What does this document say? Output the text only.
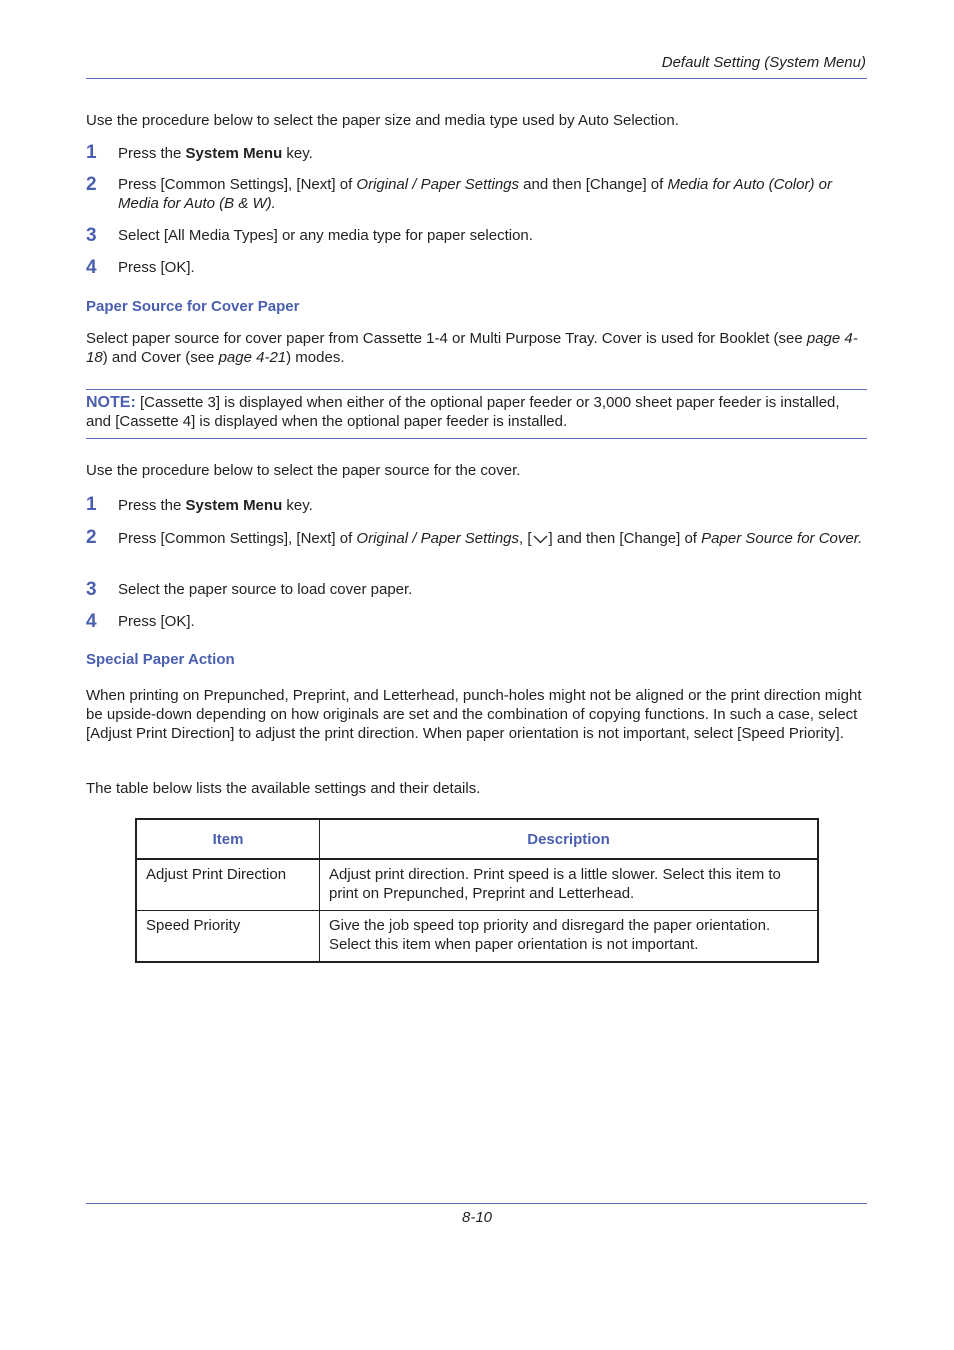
Default Setting (System Menu)
Use the procedure below to select the paper size and media type used by Auto Selection.
1 Press the System Menu key.
2 Press [Common Settings], [Next] of Original / Paper Settings and then [Change] of Media for Auto (Color) or Media for Auto (B & W).
3 Select [All Media Types] or any media type for paper selection.
4 Press [OK].
Paper Source for Cover Paper
Select paper source for cover paper from Cassette 1-4 or Multi Purpose Tray. Cover is used for Booklet (see page 4-18) and Cover (see page 4-21) modes.
NOTE: [Cassette 3] is displayed when either of the optional paper feeder or 3,000 sheet paper feeder is installed, and [Cassette 4] is displayed when the optional paper feeder is installed.
Use the procedure below to select the paper source for the cover.
1 Press the System Menu key.
2 Press [Common Settings], [Next] of Original / Paper Settings, [ ] and then [Change] of Paper Source for Cover.
3 Select the paper source to load cover paper.
4 Press [OK].
Special Paper Action
When printing on Prepunched, Preprint, and Letterhead, punch-holes might not be aligned or the print direction might be upside-down depending on how originals are set and the combination of copying functions. In such a case, select [Adjust Print Direction] to adjust the print direction. When paper orientation is not important, select [Speed Priority].
The table below lists the available settings and their details.
Item	Description
Adjust Print Direction	Adjust print direction. Print speed is a little slower. Select this item to print on Prepunched, Preprint and Letterhead.
Speed Priority	Give the job speed top priority and disregard the paper orientation. Select this item when paper orientation is not important.
8-10
